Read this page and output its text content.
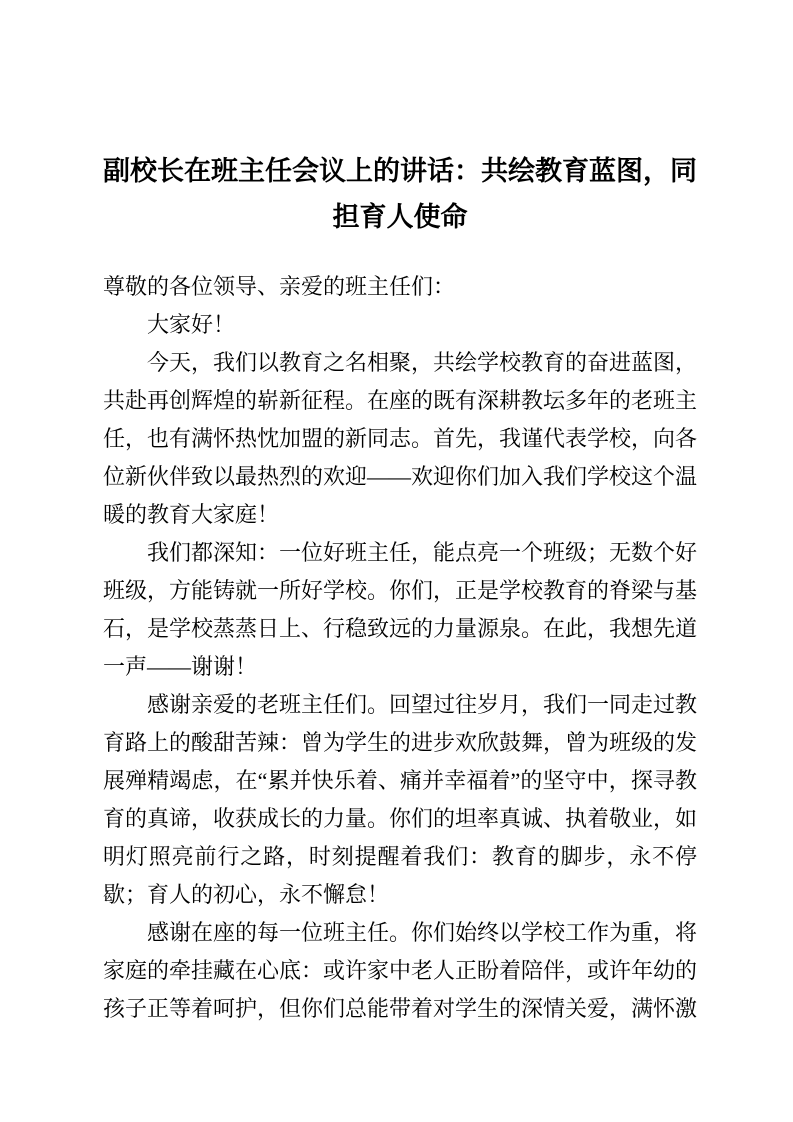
副校长在班主任会议上的讲话：共绘教育蓝图，同担育人使命

尊敬的各位领导、亲爱的班主任们：

大家好！

今天，我们以教育之名相聚，共绘学校教育的奋进蓝图，共赴再创辉煌的崭新征程。在座的既有深耕教坛多年的老班主任，也有满怀热忱加盟的新同志。首先，我谨代表学校，向各位新伙伴致以最热烈的欢迎——欢迎你们加入我们学校这个温暖的教育大家庭！

我们都深知：一位好班主任，能点亮一个班级；无数个好班级，方能铸就一所好学校。你们，正是学校教育的脊梁与基石，是学校蒸蒸日上、行稳致远的力量源泉。在此，我想先道一声——谢谢！

感谢亲爱的老班主任们。回望过往岁月，我们一同走过教育路上的酸甜苦辣：曾为学生的进步欢欣鼓舞，曾为班级的发展殚精竭虑，在“累并快乐着、痛并幸福着”的坚守中，探寻教育的真谛，收获成长的力量。你们的坦率真诚、执着敬业，如明灯照亮前行之路，时刻提醒着我们：教育的脚步，永不停歇；育人的初心，永不懈怠！

感谢在座的每一位班主任。你们始终以学校工作为重，将家庭的牵挂藏在心底：或许家中老人正盼着陪伴，或许年幼的孩子正等着呵护，但你们总能带着对学生的深情关爱，满怀激
